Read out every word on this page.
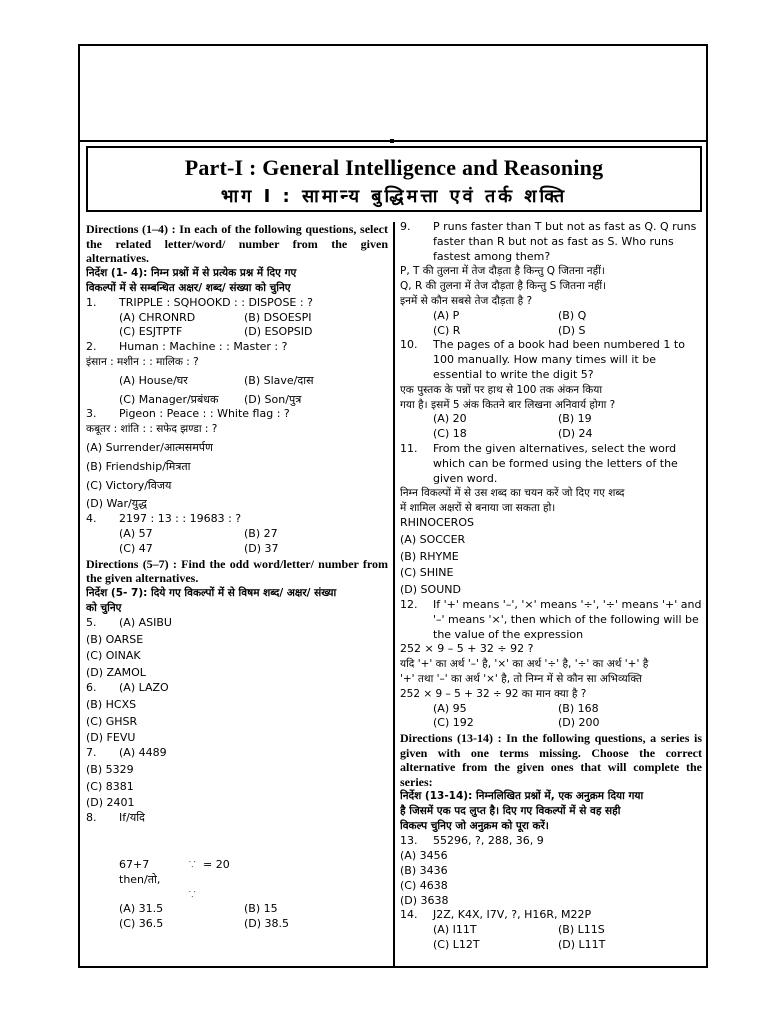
Part-I : General Intelligence and Reasoning
भाग I : सामान्य बुद्धिमत्ता एवं तर्क शक्ति

Directions (1–4) : In each of the following questions, select the related letter/word/ number from the given alternatives.

निर्देश (1- 4): निम्न प्रश्नों में से प्रत्येक प्रश्न में दिए गए

विकल्पों में से सम्बन्धित अक्षर/ शब्द/ संख्या को चुनिए

1.	TRIPPLE : SQHOOKD : : DISPOSE : ?
(A) CHRONRD	(B) DSOESPI
(C) ESJTPTF	(D) ESOPSID
2.	Human : Machine : : Master : ?

इंसान : मशीन : : मालिक : ?

(A) House/घर	(B) Slave/दास
(C) Manager/प्रबंधक	(D) Son/पुत्र
3.	Pigeon : Peace : : White flag : ?

कबूतर : शांति : : सफेद झण्डा : ?

(A) Surrender/आत्मसमर्पण

(B) Friendship/मित्रता

(C) Victory/विजय

(D) War/युद्ध

4.	2197 : 13 : : 19683 : ?
(A) 57	(B) 27
(C) 47	(D) 37

Directions (5–7) : Find the odd word/letter/ number from the given alternatives.

निर्देश (5- 7): दिये गए विकल्पों में से विषम शब्द/ अक्षर/ संख्या

को चुनिए

5.	(A) ASIBU

(B) OARSE

(C) OINAK

(D) ZAMOL

6.	(A) LAZO

(B) HCXS

(C) GHSR

(D) FEVU

7.	(A) 4489

(B) 5329

(C) 8381

(D) 2401

8.	If/यदि
67+7	⸪ = 20
then/तो,
⸪
(A) 31.5	(B) 15
(C) 36.5	(D) 38.5
9.	P runs faster than T but not as fast as Q. Q runs faster than R but not as fast as S. Who runs fastest among them?

P, T की तुलना में तेज दौड़ता है किन्तु Q जितना नहीं।

Q, R की तुलना में तेज दौड़ता है किन्तु S जितना नहीं।

इनमें से कौन सबसे तेज दौड़ता है ?

(A) P	(B) Q
(C) R	(D) S
10.	The pages of a book had been numbered 1 to 100 manually. How many times will it be essential to write the digit 5?

एक पुस्तक के पन्नों पर हाथ से 100 तक अंकन किया

गया है। इसमें 5 अंक कितने बार लिखना अनिवार्य होगा ?

(A) 20	(B) 19
(C) 18	(D) 24
11.	From the given alternatives, select the word which can be formed using the letters of the given word.

निम्न विकल्पों में से उस शब्द का चयन करें जो दिए गए शब्द

में शामिल अक्षरों से बनाया जा सकता हो।

RHINOCEROS

(A) SOCCER

(B) RHYME

(C) SHINE

(D) SOUND

12.	If '+' means '–', '×' means '÷', '÷' means '+' and '–' means '×', then which of the following will be the value of the expression

252 × 9 – 5 + 32 ÷ 92 ?

यदि '+' का अर्थ '–' है, '×' का अर्थ '÷' है, '÷' का अर्थ '+' है

'+' तथा '–' का अर्थ '×' है, तो निम्न में से कौन सा अभिव्यक्ति

252 × 9 – 5 + 32 ÷ 92 का मान क्या है ?

(A) 95	(B) 168
(C) 192	(D) 200

Directions (13-14) : In the following questions, a series is given with one terms missing. Choose the correct alternative from the given ones that will complete the series:

निर्देश (13-14): निम्नलिखित प्रश्नों में, एक अनुक्रम दिया गया

है जिसमें एक पद लुप्त है। दिए गए विकल्पों में से वह सही

विकल्प चुनिए जो अनुक्रम को पूरा करें।

13.	55296, ?, 288, 36, 9

(A) 3456

(B) 3436

(C) 4638

(D) 3638

14.	J2Z, K4X, I7V, ?, H16R, M22P
(A) I11T	(B) L11S
(C) L12T	(D) L11T
